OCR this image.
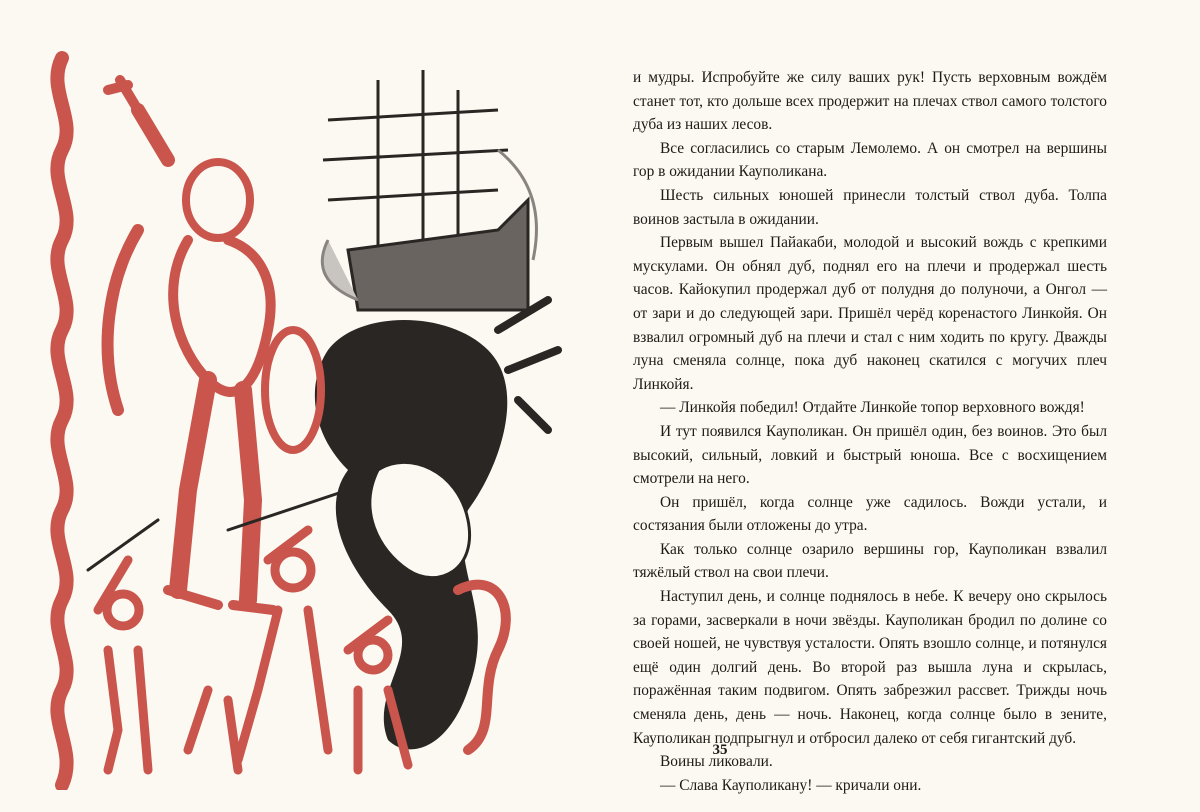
и мудры. Испробуйте же силу ваших рук! Пусть верховным вождём станет тот, кто дольше всех продержит на плечах ствол самого толстого дуба из наших лесов.

Все согласились со старым Лемолемо. А он смотрел на вершины гор в ожидании Кауполикана.

Шесть сильных юношей принесли толстый ствол дуба. Толпа воинов застыла в ожидании.

Первым вышел Пайакаби, молодой и высокий вождь с крепкими мускулами. Он обнял дуб, поднял его на плечи и продержал шесть часов. Кайокупил продержал дуб от полудня до полуночи, а Онгол — от зари и до следующей зари. Пришёл черёд коренастого Линкойя. Он взвалил огромный дуб на плечи и стал с ним ходить по кругу. Дважды луна сменяла солнце, пока дуб наконец скатился с могучих плеч Линкойя.

— Линкойя победил! Отдайте Линкойе топор верховного вождя!

И тут появился Кауполикан. Он пришёл один, без воинов. Это был высокий, сильный, ловкий и быстрый юноша. Все с восхищением смотрели на него.

Он пришёл, когда солнце уже садилось. Вожди устали, и состязания были отложены до утра.

Как только солнце озарило вершины гор, Кауполикан взвалил тяжёлый ствол на свои плечи.

Наступил день, и солнце поднялось в небе. К вечеру оно скрылось за горами, засверкали в ночи звёзды. Кауполикан бродил по долине со своей ношей, не чувствуя усталости. Опять взошло солнце, и потянулся ещё один долгий день. Во второй раз вышла луна и скрылась, поражённая таким подвигом. Опять забрезжил рассвет. Трижды ночь сменяла день, день — ночь. Наконец, когда солнце было в зените, Кауполикан подпрыгнул и отбросил далеко от себя гигантский дуб.

Воины ликовали.

— Слава Кауполикану! — кричали они.

35
